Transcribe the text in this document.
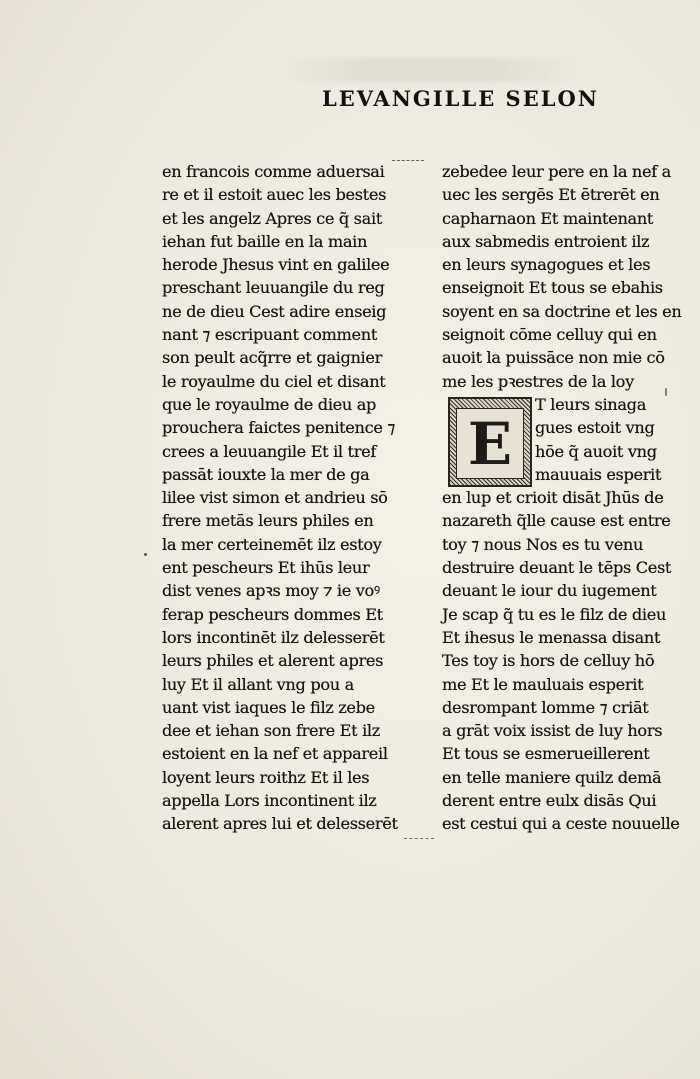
LEVANGILLE SELON
en francois comme aduersai
re et il estoit auec les bestes
et les angelz Apres ce q̃ sait
iehan fut baille en la main
herode Jhesus vint en galilee
preschant leuuangile du reg
ne de dieu Cest adire enseig
nant ⁊ escripuant comment
son peult acq̃rre et gaignier
le royaulme du ciel et disant
que le royaulme de dieu ap
prouchera faictes penitence ⁊
crees a leuuangile Et il tref
passāt iouxte la mer de ga
lilee vist simon et andrieu sō
frere metās leurs philes en
la mer certeinemēt ilz estoy
ent pescheurs Et ihūs leur
dist venes apꝛs moy ⁊ ie voꝰ
ferap pescheurs dommes Et
lors incontinēt ilz delesserēt
leurs philes et alerent apres
luy Et il allant vng pou a
uant vist iaques le filz zebe
dee et iehan son frere Et ilz
estoient en la nef et appareil
loyent leurs roithz Et il les
appella Lors incontinent ilz
alerent apres lui et delesserēt
zebedee leur pere en la nef a
uec les sergēs Et ētrerēt en
capharnaon Et maintenant
aux sabmedis entroient ilz
en leurs synagogues et les
enseignoit Et tous se ebahis
soyent en sa doctrine et les en
seignoit cōme celluy qui en
auoit la puissāce non mie cō
me les pꝛestres de la loy
T leurs sinaga
gues estoit vng
hōe q̃ auoit vng
mauuais esperit
en lup et crioit disāt Jhūs de
nazareth q̃lle cause est entre
toy ⁊ nous Nos es tu venu
destruire deuant le tēps Cest
deuant le iour du iugement
Je scap q̃ tu es le filz de dieu
Et ihesus le menassa disant
Tes toy is hors de celluy hō
me Et le mauluais esperit
desrompant lomme ⁊ criāt
a grāt voix issist de luy hors
Et tous se esmerueillerent
en telle maniere quilz demā
derent entre eulx disās Qui
est cestui qui a ceste nouuelle
E
